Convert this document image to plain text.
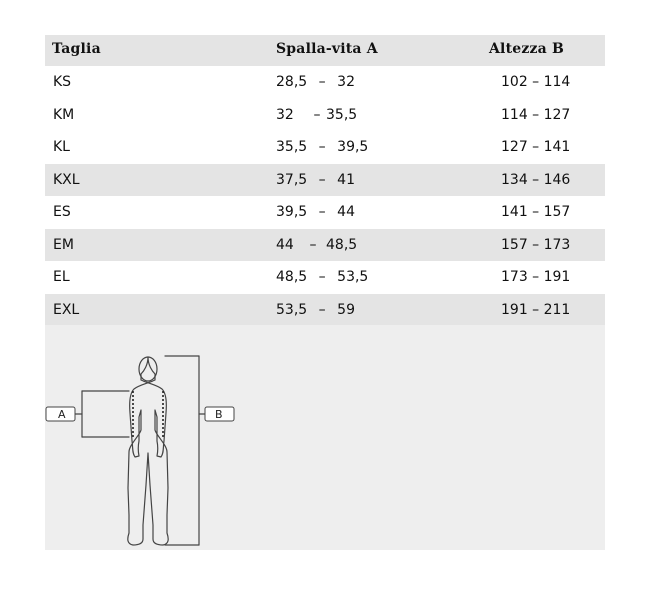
Taglia	Spalla-vita A	Altezza B
KS	28,5 – 32	102 – 114
KM	32 – 35,5	114 – 127
KL	35,5 – 39,5	127 – 141
KXL	37,5 – 41	134 – 146
ES	39,5 – 44	141 – 157
EM	44 – 48,5	157 – 173
EL	48,5 – 53,5	173 – 191
EXL	53,5 – 59	191 – 211
A	B
